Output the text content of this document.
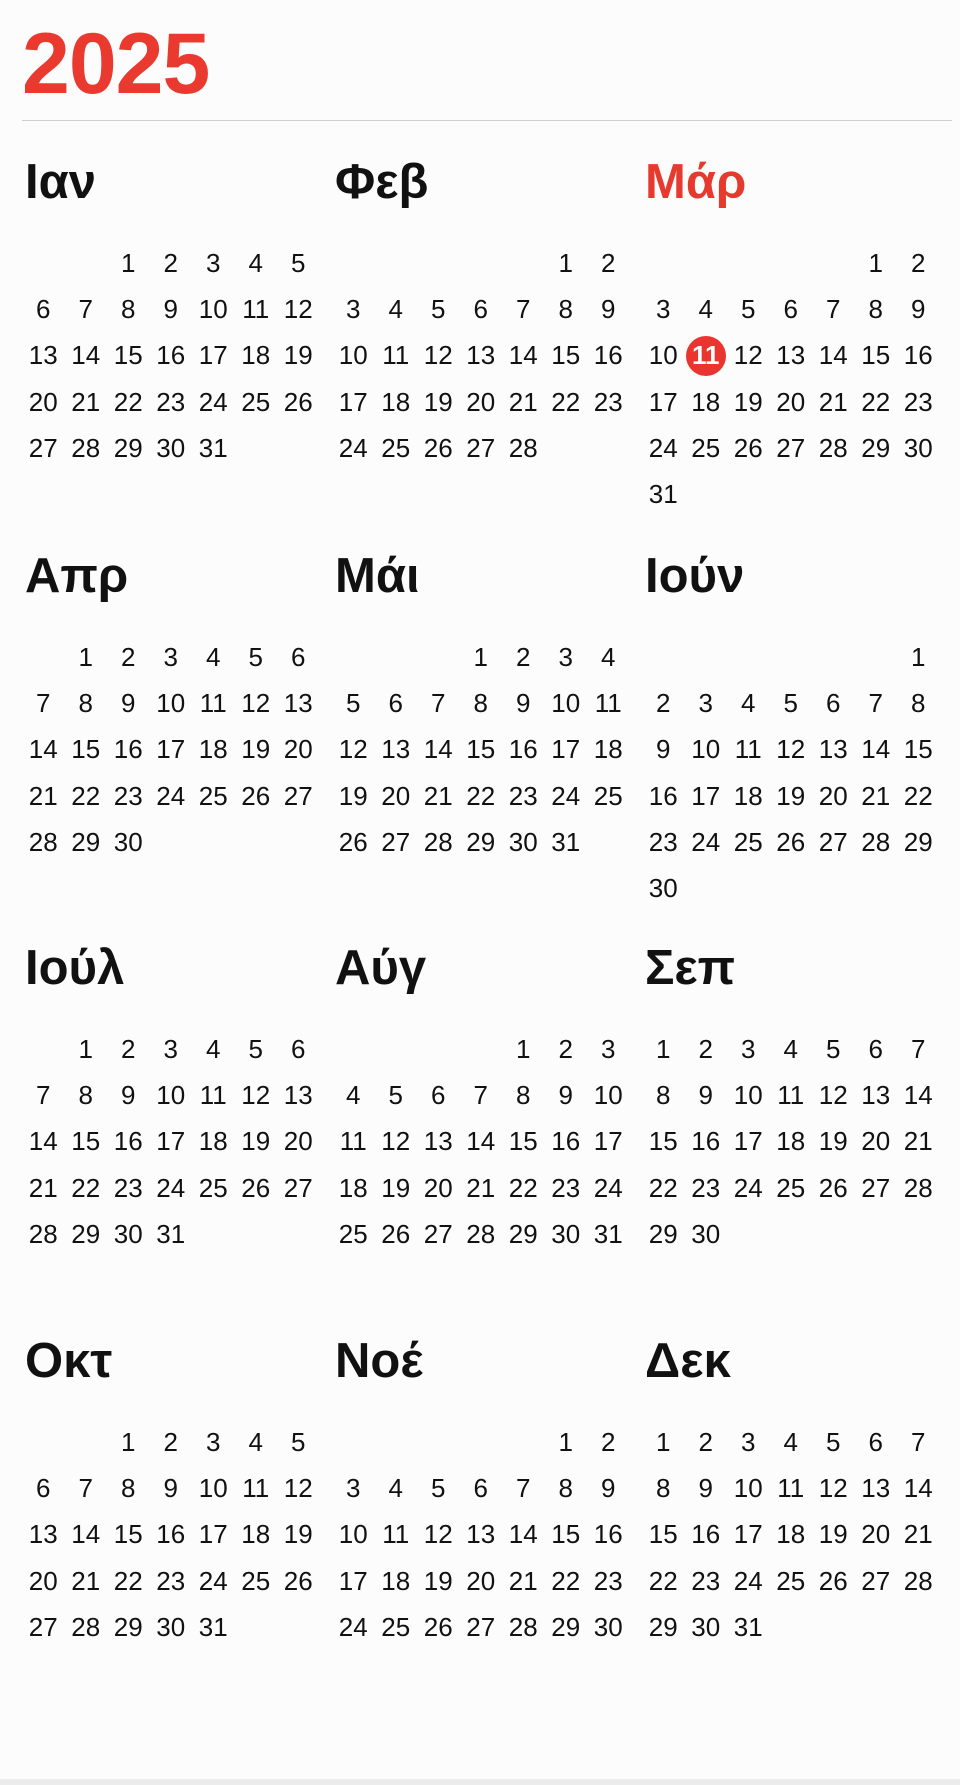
2025
Ιαν
1 2 3 4 5
6 7 8 9 10 11 12
13 14 15 16 17 18 19
20 21 22 23 24 25 26
27 28 29 30 31
Φεβ
1 2
3 4 5 6 7 8 9
10 11 12 13 14 15 16
17 18 19 20 21 22 23
24 25 26 27 28
Μάρ
1 2
3 4 5 6 7 8 9
10 11 12 13 14 15 16
17 18 19 20 21 22 23
24 25 26 27 28 29 30
31
Απρ
1 2 3 4 5 6
7 8 9 10 11 12 13
14 15 16 17 18 19 20
21 22 23 24 25 26 27
28 29 30
Μάι
1 2 3 4
5 6 7 8 9 10 11
12 13 14 15 16 17 18
19 20 21 22 23 24 25
26 27 28 29 30 31
Ιούν
1
2 3 4 5 6 7 8
9 10 11 12 13 14 15
16 17 18 19 20 21 22
23 24 25 26 27 28 29
30
Ιούλ
1 2 3 4 5 6
7 8 9 10 11 12 13
14 15 16 17 18 19 20
21 22 23 24 25 26 27
28 29 30 31
Αύγ
1 2 3
4 5 6 7 8 9 10
11 12 13 14 15 16 17
18 19 20 21 22 23 24
25 26 27 28 29 30 31
Σεπ
1 2 3 4 5 6 7
8 9 10 11 12 13 14
15 16 17 18 19 20 21
22 23 24 25 26 27 28
29 30
Οκτ
1 2 3 4 5
6 7 8 9 10 11 12
13 14 15 16 17 18 19
20 21 22 23 24 25 26
27 28 29 30 31
Νοέ
1 2
3 4 5 6 7 8 9
10 11 12 13 14 15 16
17 18 19 20 21 22 23
24 25 26 27 28 29 30
Δεκ
1 2 3 4 5 6 7
8 9 10 11 12 13 14
15 16 17 18 19 20 21
22 23 24 25 26 27 28
29 30 31
